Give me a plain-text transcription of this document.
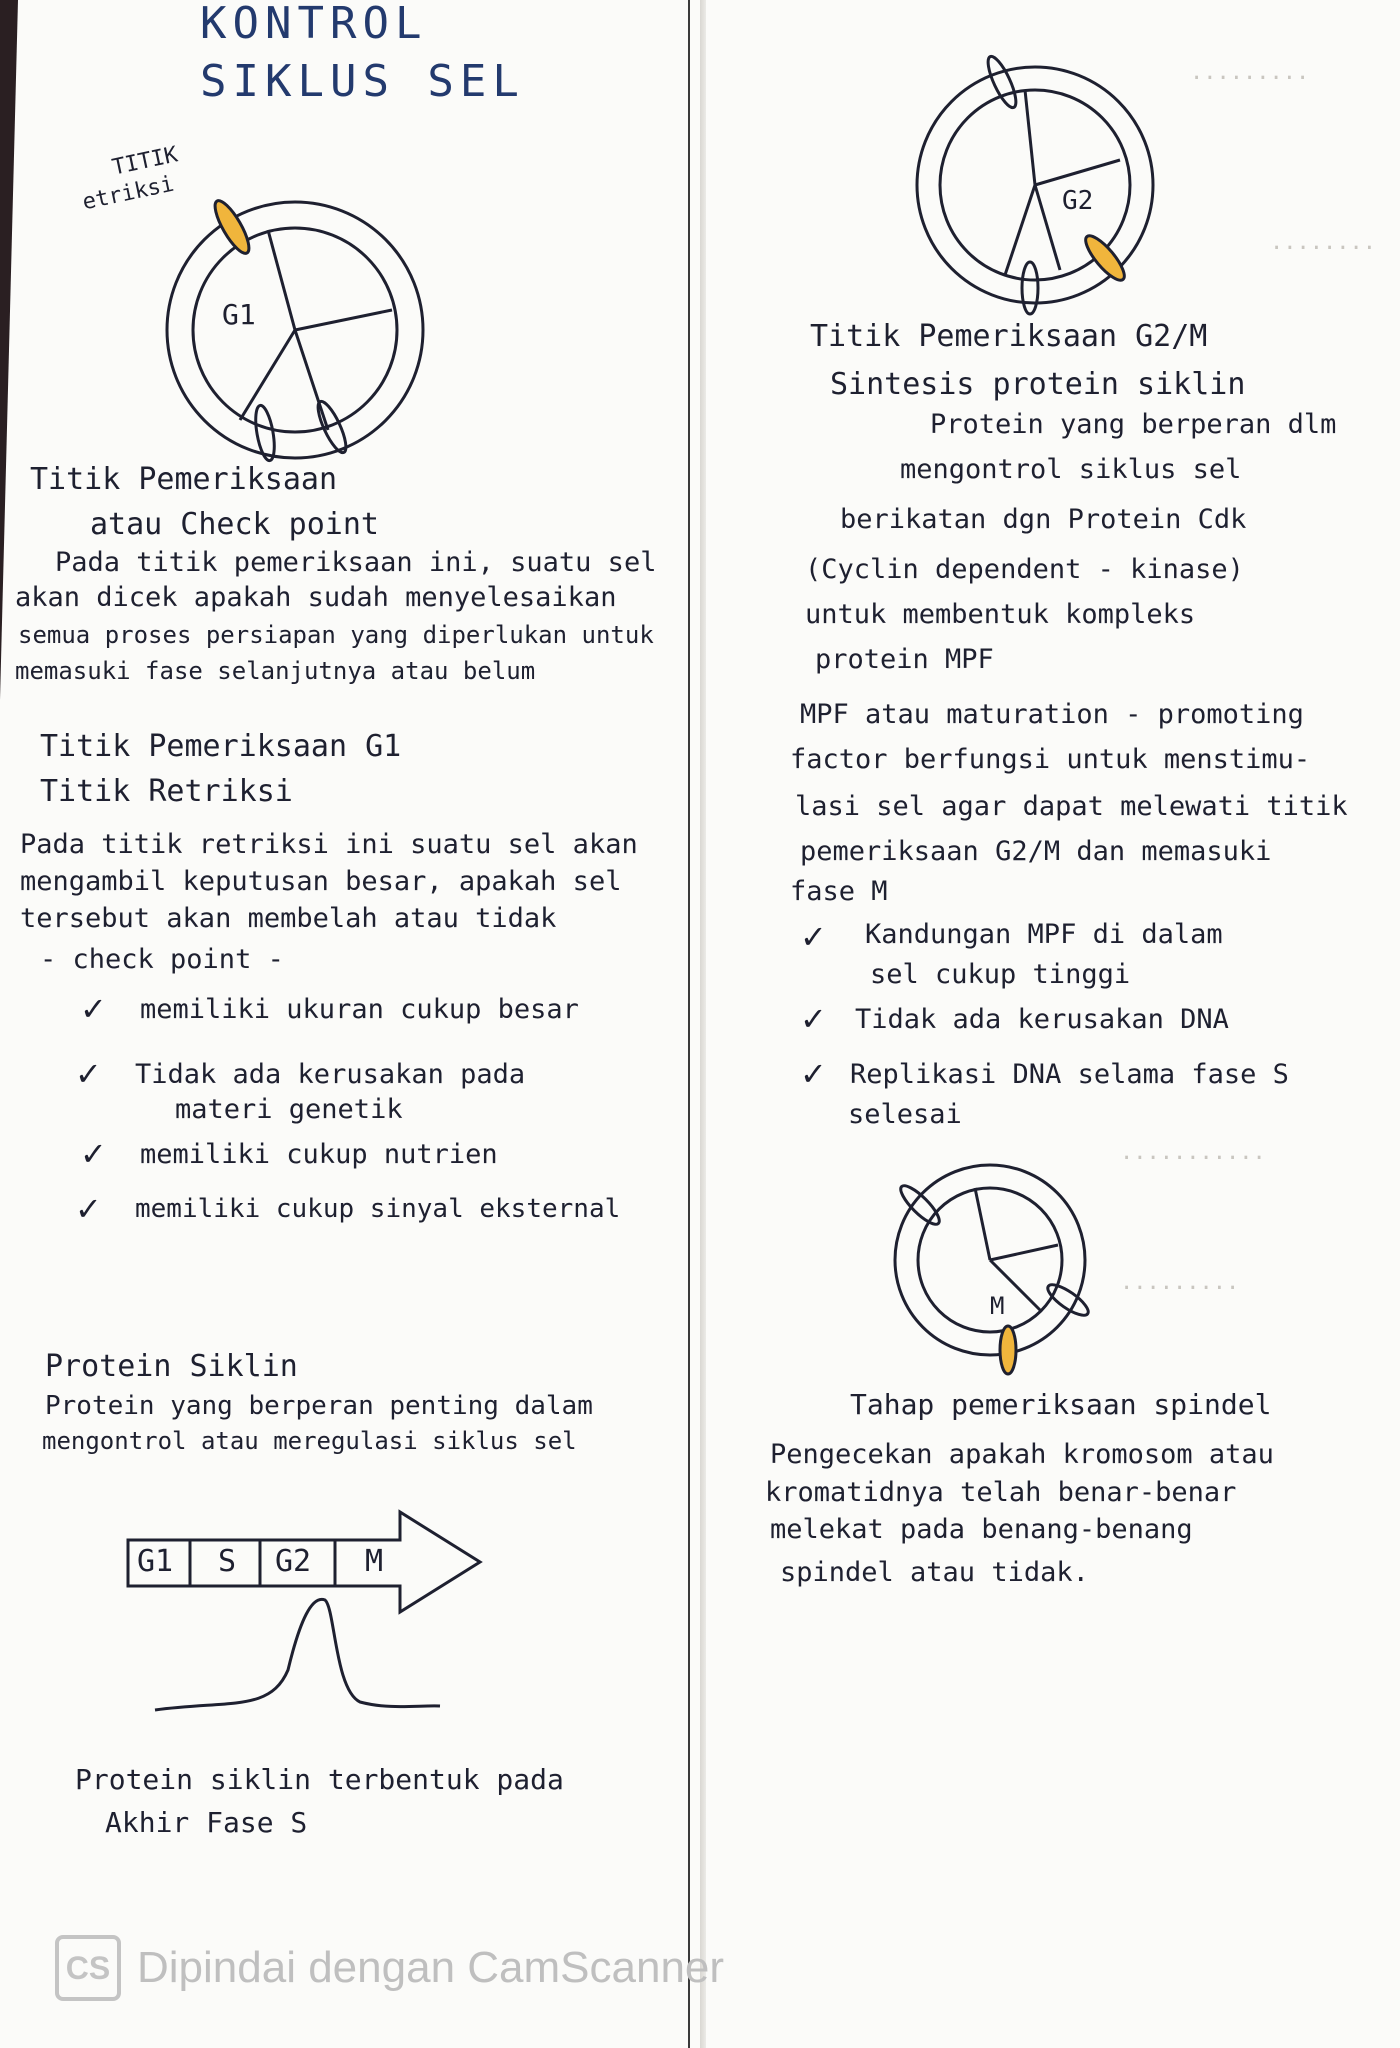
.........
........
...........
.........
KONTROL
SIKLUS SEL
TITIK
etriksi
G1
Titik Pemeriksaan
atau Check point
Pada titik pemeriksaan ini, suatu sel
akan dicek apakah sudah menyelesaikan
semua proses persiapan yang diperlukan untuk
memasuki fase selanjutnya atau belum
Titik Pemeriksaan G1
Titik Retriksi
Pada titik retriksi ini suatu sel akan
mengambil keputusan besar, apakah sel
tersebut akan membelah atau tidak
- check point -
✓ memiliki ukuran cukup besar
✓ Tidak ada kerusakan pada
materi genetik
✓ memiliki cukup nutrien
✓ memiliki cukup sinyal eksternal
Protein Siklin
Protein yang berperan penting dalam
mengontrol atau meregulasi siklus sel
G1 S G2 M
Protein siklin terbentuk pada
Akhir Fase S
G2
Titik Pemeriksaan G2/M
Sintesis protein siklin
Protein yang berperan dlm
mengontrol siklus sel
berikatan dgn Protein Cdk
(Cyclin dependent - kinase)
untuk membentuk kompleks
protein MPF
MPF atau maturation - promoting
factor berfungsi untuk menstimu-
lasi sel agar dapat melewati titik
pemeriksaan G2/M dan memasuki
fase M
✓ Kandungan MPF di dalam
sel cukup tinggi
✓ Tidak ada kerusakan DNA
✓ Replikasi DNA selama fase S
selesai
M
Tahap pemeriksaan spindel
Pengecekan apakah kromosom atau
kromatidnya telah benar-benar
melekat pada benang-benang
spindel atau tidak.
CS Dipindai dengan CamScanner
